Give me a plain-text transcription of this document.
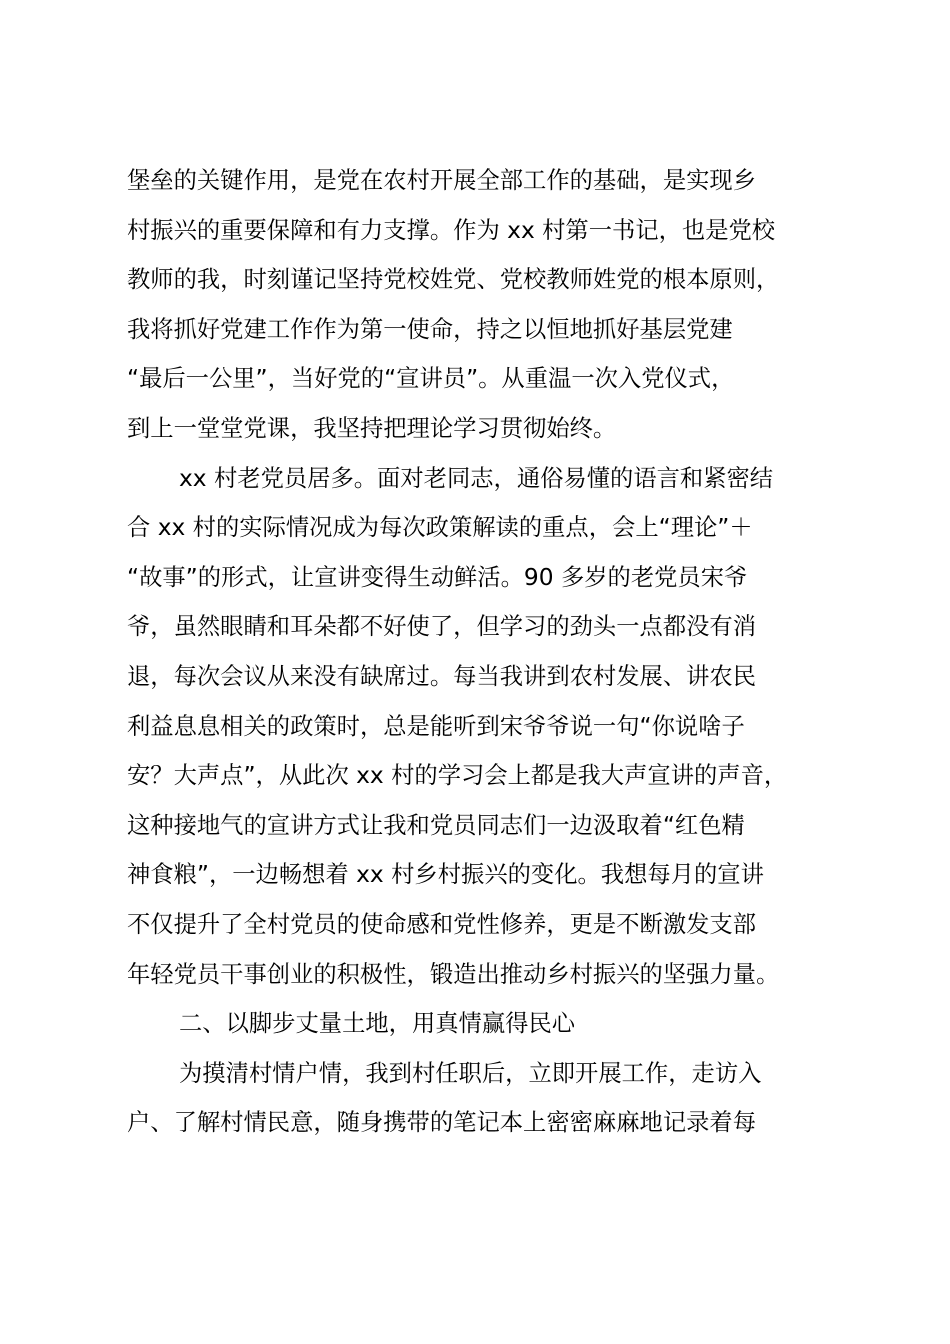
堡垒的关键作用，是党在农村开展全部工作的基础，是实现乡
村振兴的重要保障和有力支撑。作为 xx 村第一书记，也是党校
教师的我，时刻谨记坚持党校姓党、党校教师姓党的根本原则，
我将抓好党建工作作为第一使命，持之以恒地抓好基层党建
“最后一公里”，当好党的“宣讲员”。从重温一次入党仪式，
到上一堂堂党课，我坚持把理论学习贯彻始终。
xx 村老党员居多。面对老同志，通俗易懂的语言和紧密结
合 xx 村的实际情况成为每次政策解读的重点，会上“理论”＋
“故事”的形式，让宣讲变得生动鲜活。90 多岁的老党员宋爷
爷，虽然眼睛和耳朵都不好使了，但学习的劲头一点都没有消
退，每次会议从来没有缺席过。每当我讲到农村发展、讲农民
利益息息相关的政策时，总是能听到宋爷爷说一句“你说啥子
安？大声点”，从此次 xx 村的学习会上都是我大声宣讲的声音，
这种接地气的宣讲方式让我和党员同志们一边汲取着“红色精
神食粮”，一边畅想着 xx 村乡村振兴的变化。我想每月的宣讲
不仅提升了全村党员的使命感和党性修养，更是不断激发支部
年轻党员干事创业的积极性，锻造出推动乡村振兴的坚强力量。
二、以脚步丈量土地，用真情赢得民心
为摸清村情户情，我到村任职后，立即开展工作，走访入
户、了解村情民意，随身携带的笔记本上密密麻麻地记录着每
